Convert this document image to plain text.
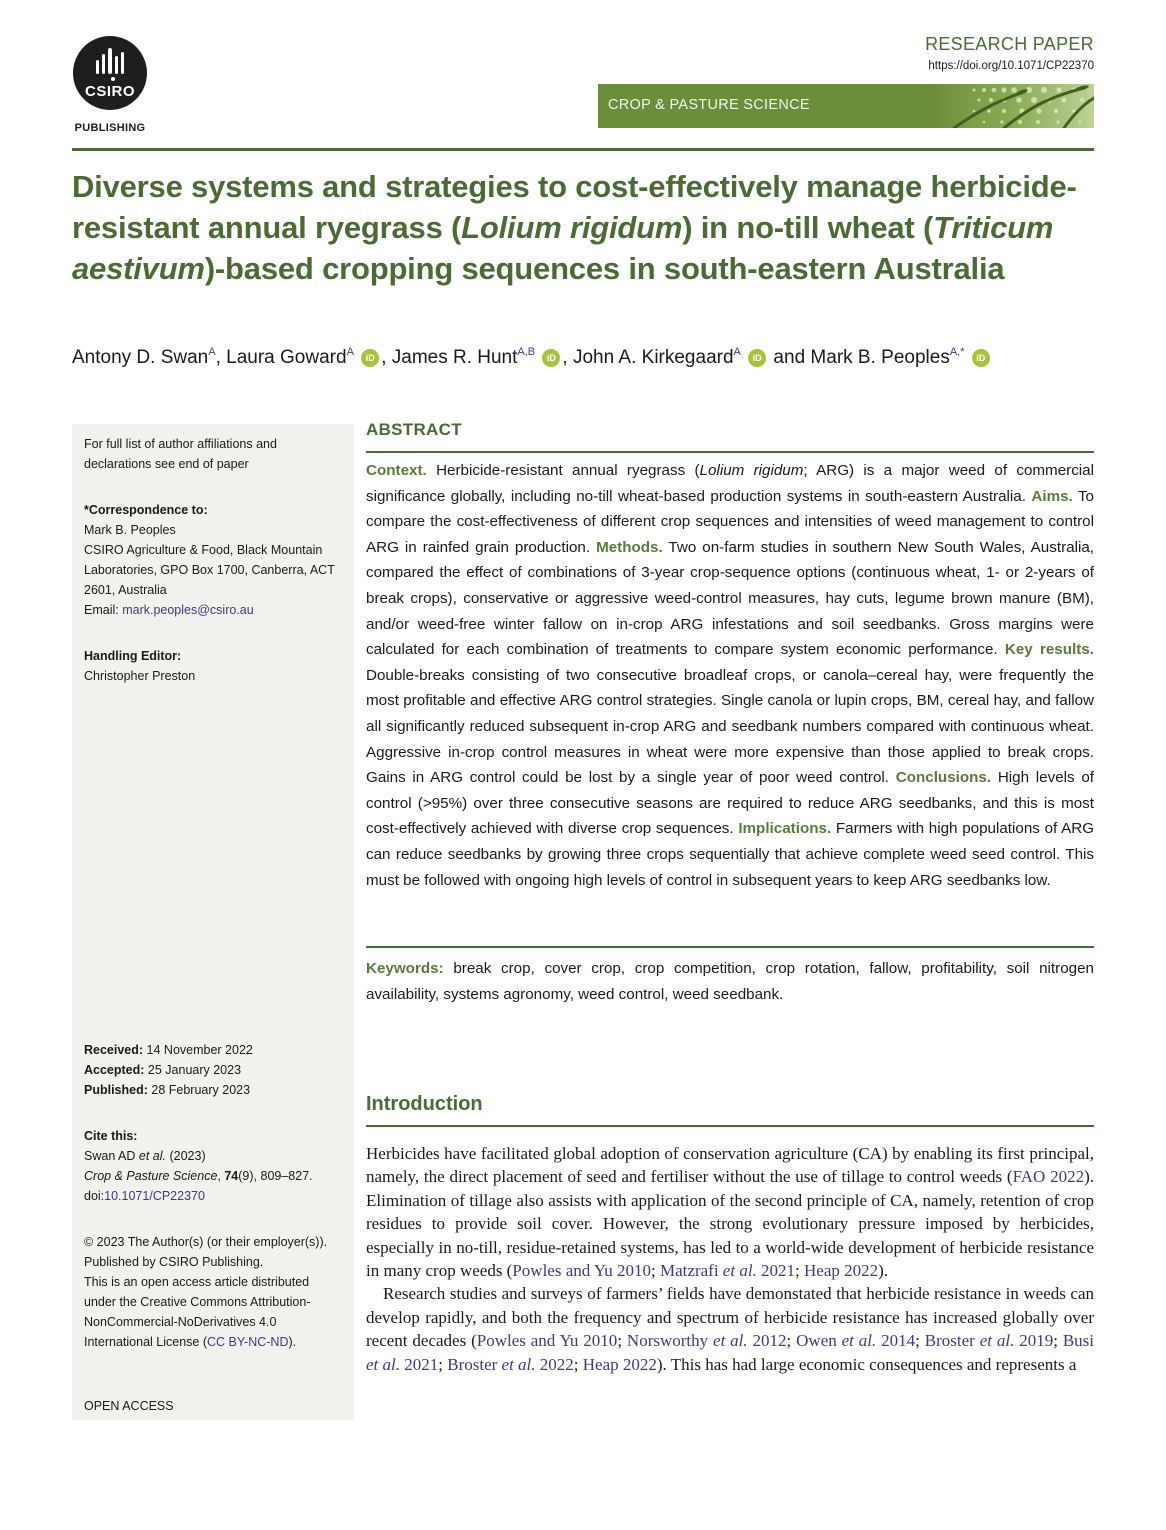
CSIRO
PUBLISHING
RESEARCH PAPER
https://doi.org/10.1071/CP22370
CROP & PASTURE SCIENCE
Diverse systems and strategies to cost-effectively manage herbicide-resistant annual ryegrass (Lolium rigidum) in no-till wheat (Triticum aestivum)-based cropping sequences in south-eastern Australia
Antony D. Swan$^A$, Laura Goward$^A$ iD , James R. Hunt$^{A,B}$ iD , John A. Kirkegaard$^A$ iD and Mark B. Peoples$^{A,*}$ iD
For full list of author affiliations and declarations see end of paper
*Correspondence to:
Mark B. Peoples
CSIRO Agriculture & Food, Black Mountain Laboratories, GPO Box 1700, Canberra, ACT 2601, Australia
Email: mark.peoples@csiro.au
Handling Editor:
Christopher Preston
Received: 14 November 2022
Accepted: 25 January 2023
Published: 28 February 2023
Cite this:
Swan AD et al. (2023)
Crop & Pasture Science, 74(9), 809–827.
doi:10.1071/CP22370
© 2023 The Author(s) (or their employer(s)). Published by CSIRO Publishing.
This is an open access article distributed under the Creative Commons Attribution-NonCommercial-NoDerivatives 4.0 International License (CC BY-NC-ND).
OPEN ACCESS
ABSTRACT
Context. Herbicide-resistant annual ryegrass (Lolium rigidum; ARG) is a major weed of commercial significance globally, including no-till wheat-based production systems in south-eastern Australia. Aims. To compare the cost-effectiveness of different crop sequences and intensities of weed management to control ARG in rainfed grain production. Methods. Two on-farm studies in southern New South Wales, Australia, compared the effect of combinations of 3-year crop-sequence options (continuous wheat, 1- or 2-years of break crops), conservative or aggressive weed-control measures, hay cuts, legume brown manure (BM), and/or weed-free winter fallow on in-crop ARG infestations and soil seedbanks. Gross margins were calculated for each combination of treatments to compare system economic performance. Key results. Double-breaks consisting of two consecutive broadleaf crops, or canola–cereal hay, were frequently the most profitable and effective ARG control strategies. Single canola or lupin crops, BM, cereal hay, and fallow all significantly reduced subsequent in-crop ARG and seedbank numbers compared with continuous wheat. Aggressive in-crop control measures in wheat were more expensive than those applied to break crops. Gains in ARG control could be lost by a single year of poor weed control. Conclusions. High levels of control (>95%) over three consecutive seasons are required to reduce ARG seedbanks, and this is most cost-effectively achieved with diverse crop sequences. Implications. Farmers with high populations of ARG can reduce seedbanks by growing three crops sequentially that achieve complete weed seed control. This must be followed with ongoing high levels of control in subsequent years to keep ARG seedbanks low.
Keywords: break crop, cover crop, crop competition, crop rotation, fallow, profitability, soil nitrogen availability, systems agronomy, weed control, weed seedbank.
Introduction

Herbicides have facilitated global adoption of conservation agriculture (CA) by enabling its first principal, namely, the direct placement of seed and fertiliser without the use of tillage to control weeds (FAO 2022). Elimination of tillage also assists with application of the second principle of CA, namely, retention of crop residues to provide soil cover. However, the strong evolutionary pressure imposed by herbicides, especially in no-till, residue-retained systems, has led to a world-wide development of herbicide resistance in many crop weeds (Powles and Yu 2010; Matzrafi et al. 2021; Heap 2022).

Research studies and surveys of farmers’ fields have demonstated that herbicide resistance in weeds can develop rapidly, and both the frequency and spectrum of herbicide resistance has increased globally over recent decades (Powles and Yu 2010; Norsworthy et al. 2012; Owen et al. 2014; Broster et al. 2019; Busi et al. 2021; Broster et al. 2022; Heap 2022). This has had large economic consequences and represents a
